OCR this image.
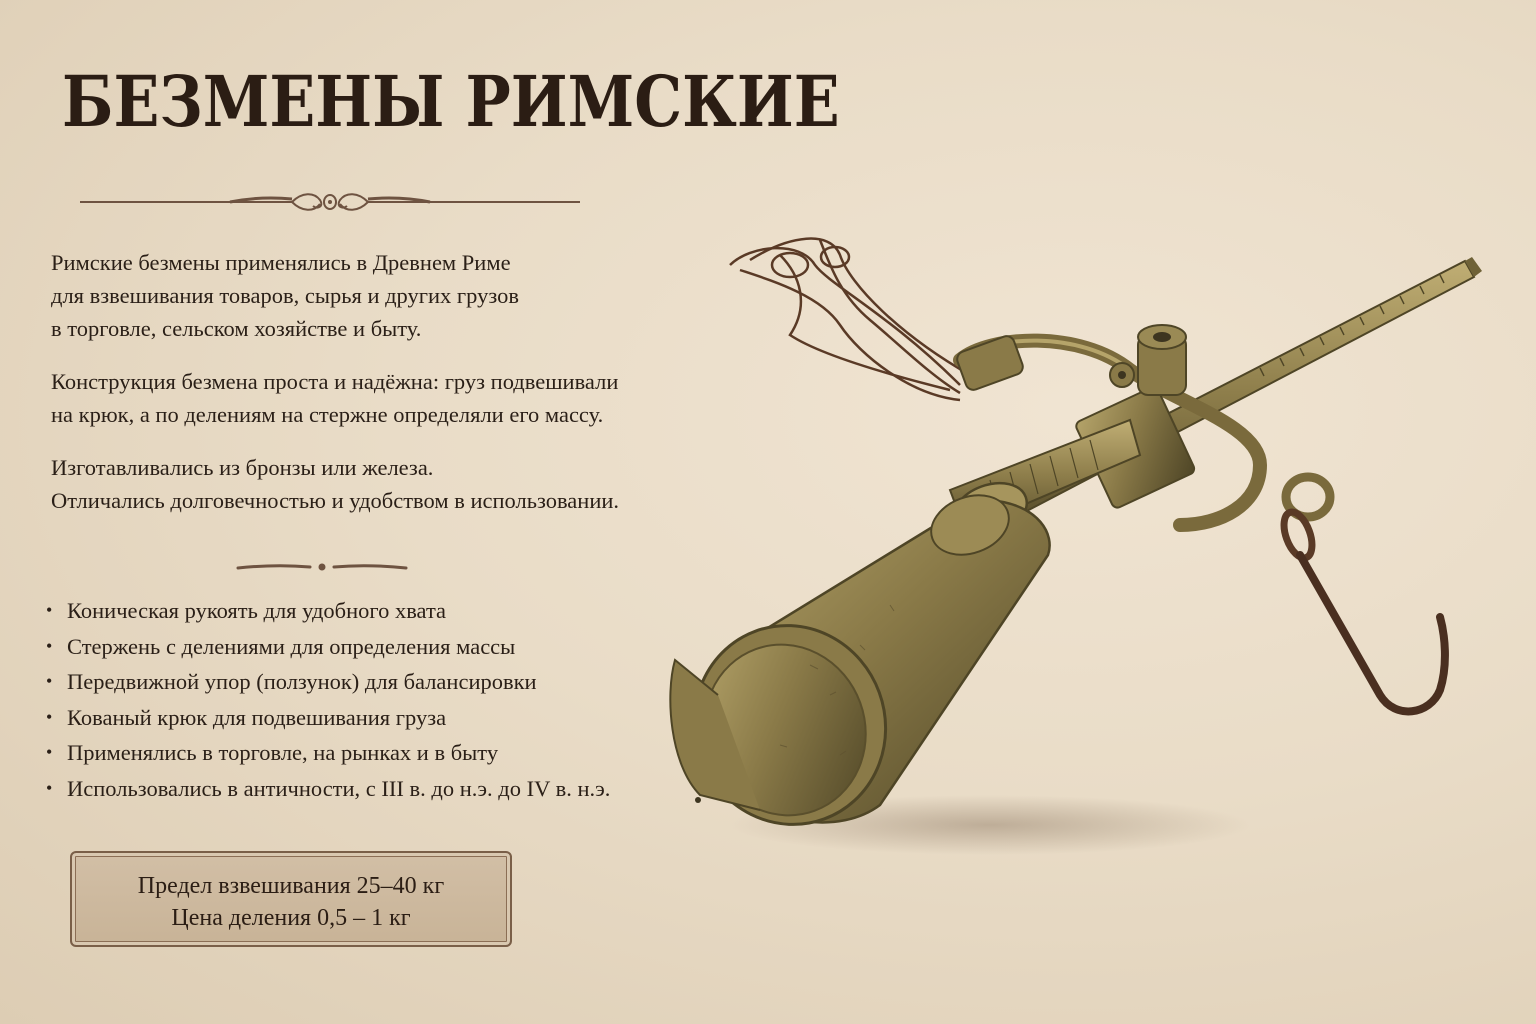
БЕЗМЕНЫ РИМСКИЕ

Римские безмены применялись в Древнем Риме
для взвешивания товаров, сырья и других грузов
в торговле, сельском хозяйстве и быту.

Конструкция безмена проста и надёжна: груз подвешивали
на крюк, а по делениям на стержне определяли его массу.

Изготавливались из бронзы или железа.
Отличались долговечностью и удобством в использовании.

• Коническая рукоять для удобного хвата
• Стержень с делениями для определения массы
• Передвижной упор (ползунок) для балансировки
• Кованый крюк для подвешивания груза
• Применялись в торговле, на рынках и в быту
• Использовались в античности, с III в. до н.э. до IV в. н.э.
Предел взвешивания 25–40 кг
Цена деления 0,5 – 1 кг
